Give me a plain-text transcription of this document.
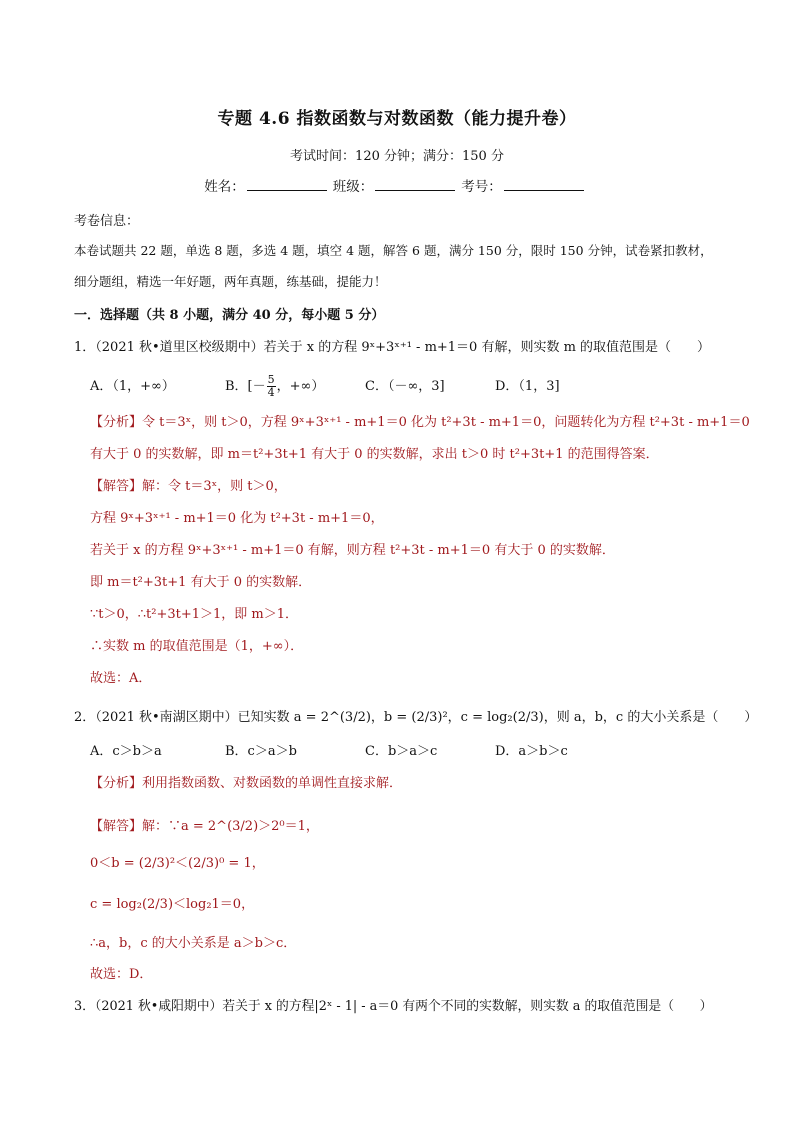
专题 4.6 指数函数与对数函数（能力提升卷）
考试时间：120 分钟；满分：150 分
姓名：	班级：	考号：
考卷信息：
本卷试题共 22 题，单选 8 题，多选 4 题，填空 4 题，解答 6 题，满分 150 分，限时 150 分钟，试卷紧扣教材，
细分题组，精选一年好题，两年真题，练基础，提能力！
一．选择题（共 8 小题，满分 40 分，每小题 5 分）
1．（2021 秋•道里区校级期中）若关于 x 的方程 9ˣ+3ˣ⁺¹ - m+1＝0 有解，则实数 m 的取值范围是（　　）
A．（1，+∞）	B．[－ $\frac{5}{4}$ ，+∞）	C．（－∞，3]	D．（1，3]
【分析】令 t＝3ˣ，则 t＞0，方程 9ˣ+3ˣ⁺¹ - m+1＝0 化为 t²+3t - m+1＝0，问题转化为方程 t²+3t - m+1＝0
有大于 0 的实数解，即 m＝t²+3t+1 有大于 0 的实数解，求出 t＞0 时 t²+3t+1 的范围得答案．
【解答】解：令 t＝3ˣ，则 t＞0，
方程 9ˣ+3ˣ⁺¹ - m+1＝0 化为 t²+3t - m+1＝0，
若关于 x 的方程 9ˣ+3ˣ⁺¹ - m+1＝0 有解，则方程 t²+3t - m+1＝0 有大于 0 的实数解．
即 m＝t²+3t+1 有大于 0 的实数解．
∵t＞0，∴t²+3t+1＞1，即 m＞1．
∴实数 m 的取值范围是（1，+∞）．
故选：A．
2．（2021 秋•南湖区期中）已知实数 a = 2^(3/2)，b = (2/3)²，c = log₂(2/3)，则 a，b，c 的大小关系是（　　）
A．c＞b＞a	B．c＞a＞b	C．b＞a＞c	D．a＞b＞c
【分析】利用指数函数、对数函数的单调性直接求解．
【解答】解：∵a = 2^(3/2)＞2⁰＝1，
0＜b = (2/3)²＜(2/3)⁰ = 1，
c = log₂(2/3)＜log₂1＝0，
∴a，b，c 的大小关系是 a＞b＞c．
故选：D．
3．（2021 秋•咸阳期中）若关于 x 的方程|2ˣ - 1| - a＝0 有两个不同的实数解，则实数 a 的取值范围是（　　）
